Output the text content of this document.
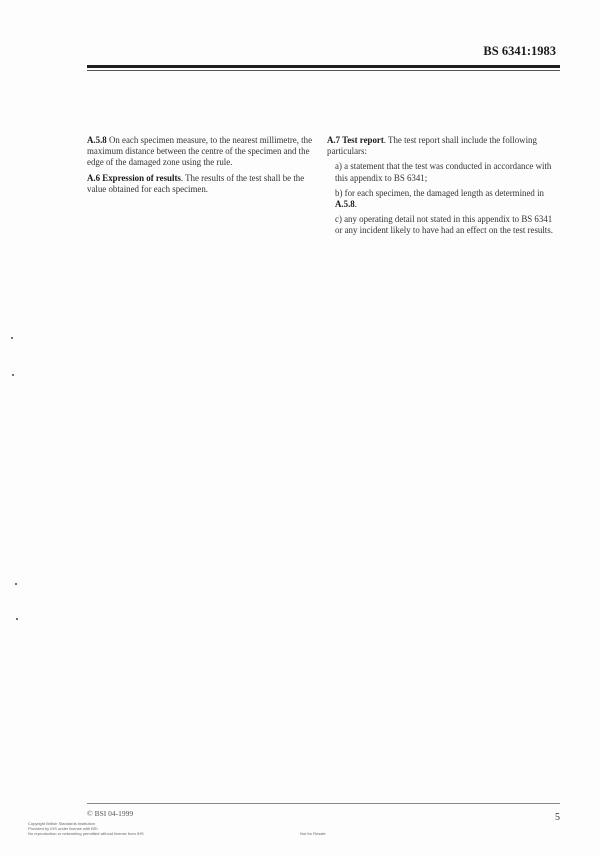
BS 6341:1983

A.5.8 On each specimen measure, to the nearest millimetre, the maximum distance between the centre of the specimen and the edge of the damaged zone using the rule.

A.6 Expression of results. The results of the test shall be the value obtained for each specimen.

A.7 Test report. The test report shall include the following particulars:

a) a statement that the test was conducted in accordance with this appendix to BS 6341;

b) for each specimen, the damaged length as determined in A.5.8.

c) any operating detail not stated in this appendix to BS 6341 or any incident likely to have had an effect on the test results.

© BSI 04-1999
Copyright British Standards Institution
Provided by IHS under license with BSI
No reproduction or networking permitted without license from IHS	Not for Resale
5
